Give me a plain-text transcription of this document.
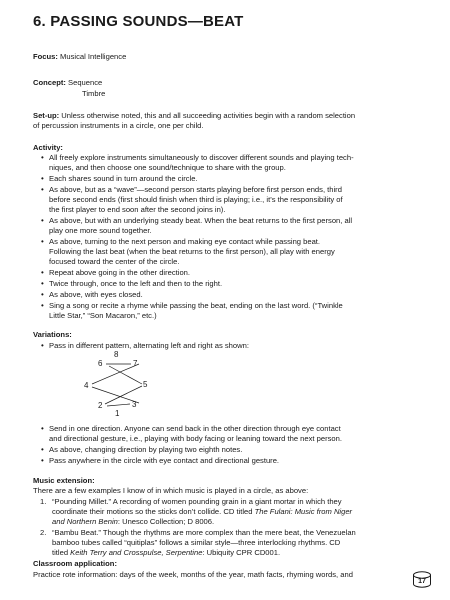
6. PASSING SOUNDS—BEAT
Focus: Musical Intelligence
Concept: Sequence
Timbre
Set-up: Unless otherwise noted, this and all succeeding activities begin with a random selection
of percussion instruments in a circle, one per child.
Activity:
• All freely explore instruments simultaneously to discover different sounds and playing tech-
niques, and then choose one sound/technique to share with the group.
• Each shares sound in turn around the circle.
• As above, but as a “wave”—second person starts playing before first person ends, third
before second ends (first should finish when third is playing; i.e., it’s the responsibility of
the first player to end soon after the second joins in).
• As above, but with an underlying steady beat. When the beat returns to the first person, all
play one more sound together.
• As above, turning to the next person and making eye contact while passing beat.
Following the last beat (when the beat returns to the first person), all play with energy
focused toward the center of the circle.
• Repeat above going in the other direction.
• Twice through, once to the left and then to the right.
• As above, with eyes closed.
• Sing a song or recite a rhyme while passing the beat, ending on the last word. (“Twinkle
Little Star,” “Son Macaron,” etc.)
Variations:
• Pass in different pattern, alternating left and right as shown:
8
6	7
4	5
2	3
1
• Send in one direction. Anyone can send back in the other direction through eye contact
and directional gesture, i.e., playing with body facing or leaning toward the next person.
• As above, changing direction by playing two eighth notes.
• Pass anywhere in the circle with eye contact and directional gesture.
Music extension:
There are a few examples I know of in which music is played in a circle, as above:
1. “Pounding Millet.” A recording of women pounding grain in a giant mortar in which they
coordinate their motions so the sticks don’t collide. CD titled The Fulani: Music from Niger
and Northern Benin: Unesco Collection; D 8006.
2. “Bambu Beat.” Though the rhythms are more complex than the mere beat, the Venezuelan
bamboo tubes called “quitiplas” follows a similar style—three interlocking rhythms. CD
titled Keith Terry and Crosspulse, Serpentine: Ubiquity CPR CD001.
Classroom application:
Practice rote information: days of the week, months of the year, math facts, rhyming words, and
17
